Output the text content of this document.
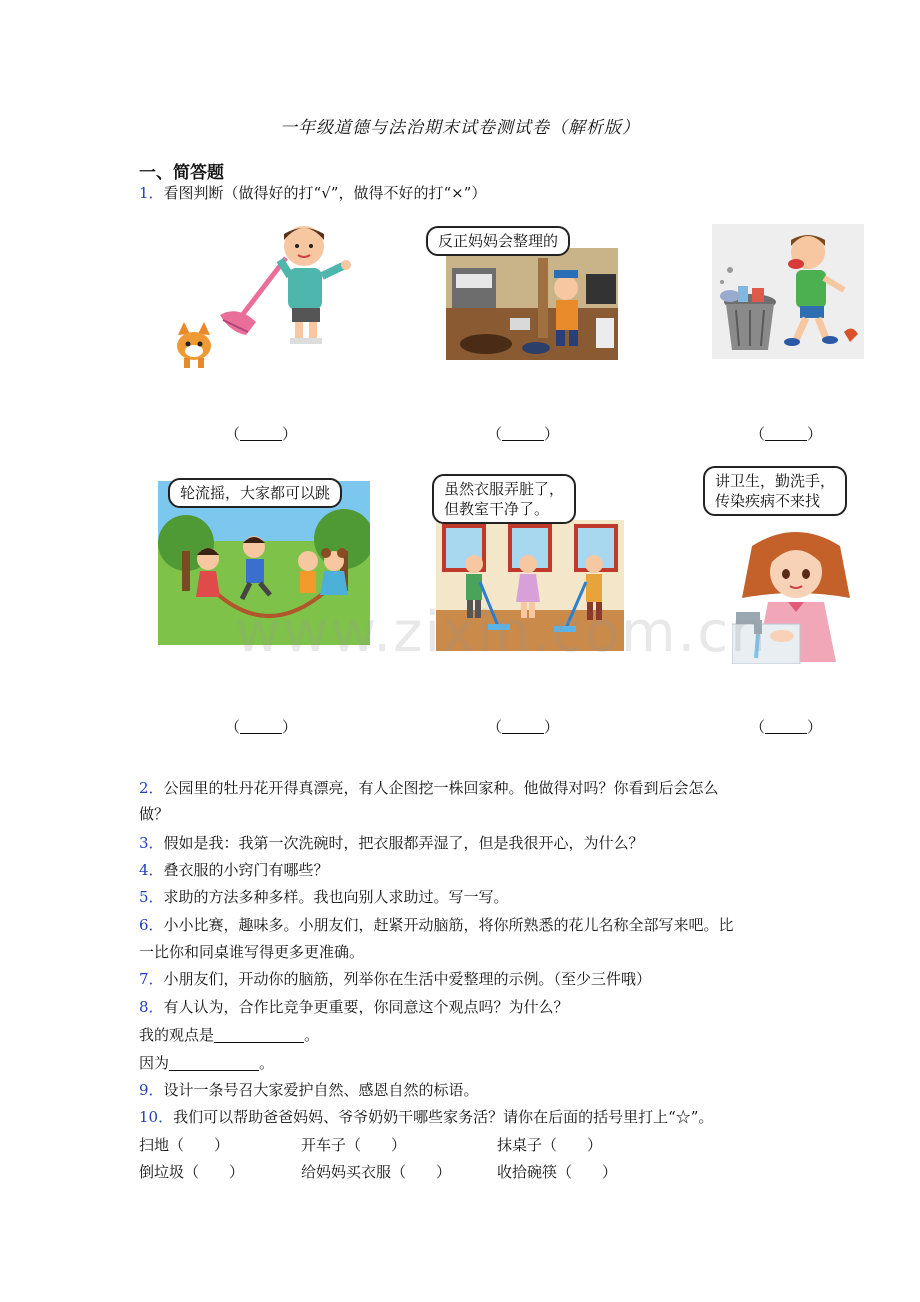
一年级道德与法治期末试卷测试卷（解析版）
一、简答题
1．看图判断（做得好的打“√”，做得不好的打“×”）
反正妈妈会整理的
（	）	（	）	（	）
轮流摇，大家都可以跳	虽然衣服弄脏了，
但教室干净了。
讲卫生，勤洗手，
传染疾病不来找
www.zixin.com.cn
（	）	（	）	（	）
2．公园里的牡丹花开得真漂亮，有人企图挖一株回家种。他做得对吗？你看到后会怎么
做？
3．假如是我：我第一次洗碗时，把衣服都弄湿了，但是我很开心，为什么？
4．叠衣服的小窍门有哪些？
5．求助的方法多种多样。我也向别人求助过。写一写。
6．小小比赛，趣味多。小朋友们，赶紧开动脑筋，将你所熟悉的花儿名称全部写来吧。比
一比你和同桌谁写得更多更准确。
7．小朋友们，开动你的脑筋，列举你在生活中爱整理的示例。（至少三件哦）
8．有人认为，合作比竞争更重要，你同意这个观点吗？为什么？
我的观点是	。
因为	。
9．设计一条号召大家爱护自然、感恩自然的标语。
10．我们可以帮助爸爸妈妈、爷爷奶奶干哪些家务活？请你在后面的括号里打上“☆”。
扫地（　　）	开车子（　　）	抹桌子（　　）
倒垃圾（　　）	给妈妈买衣服（　　）	收拾碗筷（　　）
